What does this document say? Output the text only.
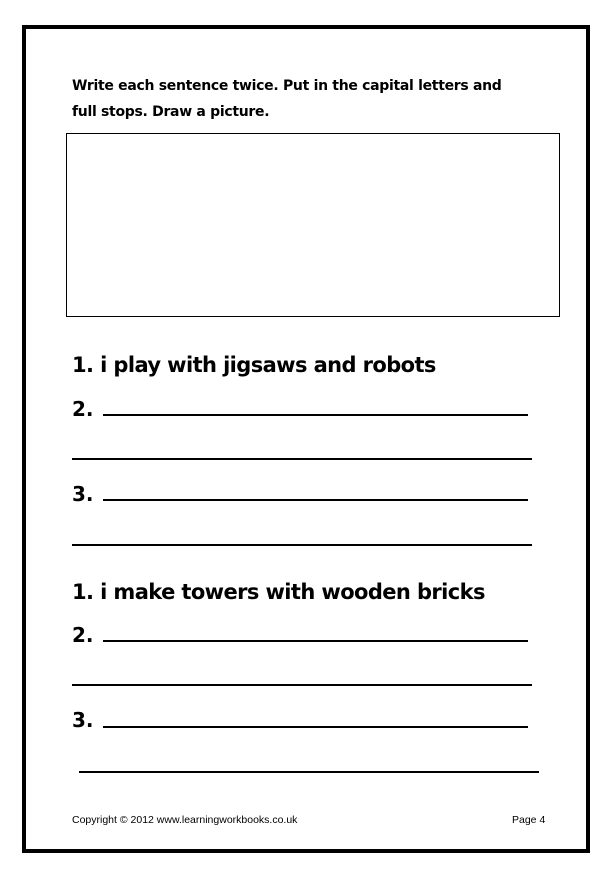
Write each sentence twice. Put in the capital letters and
full stops. Draw a picture.
1. i play with jigsaws and robots
2.
3.
1. i make towers with wooden bricks
2.
3.
Copyright © 2012 www.learningworkbooks.co.uk	Page 4
